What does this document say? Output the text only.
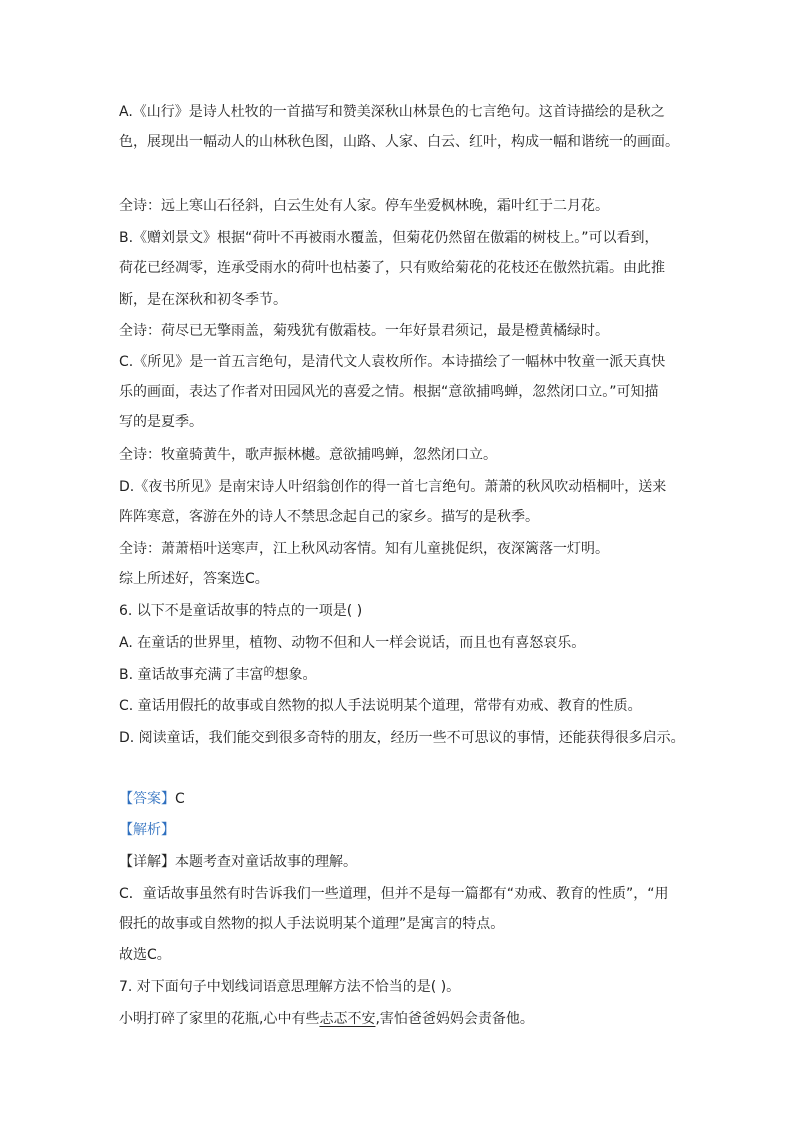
A.《山行》是诗人杜牧的一首描写和赞美深秋山林景色的七言绝句。这首诗描绘的是秋之
色，展现出一幅动人的山林秋色图，山路、人家、白云、红叶，构成一幅和谐统一的画面。
全诗：远上寒山石径斜，白云生处有人家。停车坐爱枫林晚，霜叶红于二月花。
B.《赠刘景文》根据“荷叶不再被雨水覆盖，但菊花仍然留在傲霜的树枝上。”可以看到，
荷花已经凋零，连承受雨水的荷叶也枯萎了，只有败给菊花的花枝还在傲然抗霜。由此推
断，是在深秋和初冬季节。
全诗：荷尽已无擎雨盖，菊残犹有傲霜枝。一年好景君须记，最是橙黄橘绿时。
C.《所见》是一首五言绝句，是清代文人袁枚所作。本诗描绘了一幅林中牧童一派天真快
乐的画面，表达了作者对田园风光的喜爱之情。根据“意欲捕鸣蝉，忽然闭口立。”可知描
写的是夏季。
全诗：牧童骑黄牛，歌声振林樾。意欲捕鸣蝉，忽然闭口立。
D.《夜书所见》是南宋诗人叶绍翁创作的得一首七言绝句。萧萧的秋风吹动梧桐叶，送来
阵阵寒意，客游在外的诗人不禁思念起自己的家乡。描写的是秋季。
全诗：萧萧梧叶送寒声，江上秋风动客情。知有儿童挑促织，夜深篱落一灯明。
综上所述好，答案选C。
6. 以下不是童话故事的特点的一项是( )
A. 在童话的世界里，植物、动物不但和人一样会说话，而且也有喜怒哀乐。
B. 童话故事充满了丰富$^的$想象。
C. 童话用假托的故事或自然物的拟人手法说明某个道理，常带有劝戒、教育的性质。
D. 阅读童话，我们能交到很多奇特的朋友，经历一些不可思议的事情，还能获得很多启示。
【答案】C
【解析】
【详解】本题考查对童话故事的理解。
C．童话故事虽然有时告诉我们一些道理，但并不是每一篇都有“劝戒、教育的性质”，“用
假托的故事或自然物的拟人手法说明某个道理”是寓言的特点。
故选C。
7. 对下面句子中划线词语意思理解方法不恰当的是( )。
小明打碎了家里的花瓶,心中有些忐忑不安,害怕爸爸妈妈会责备他。
